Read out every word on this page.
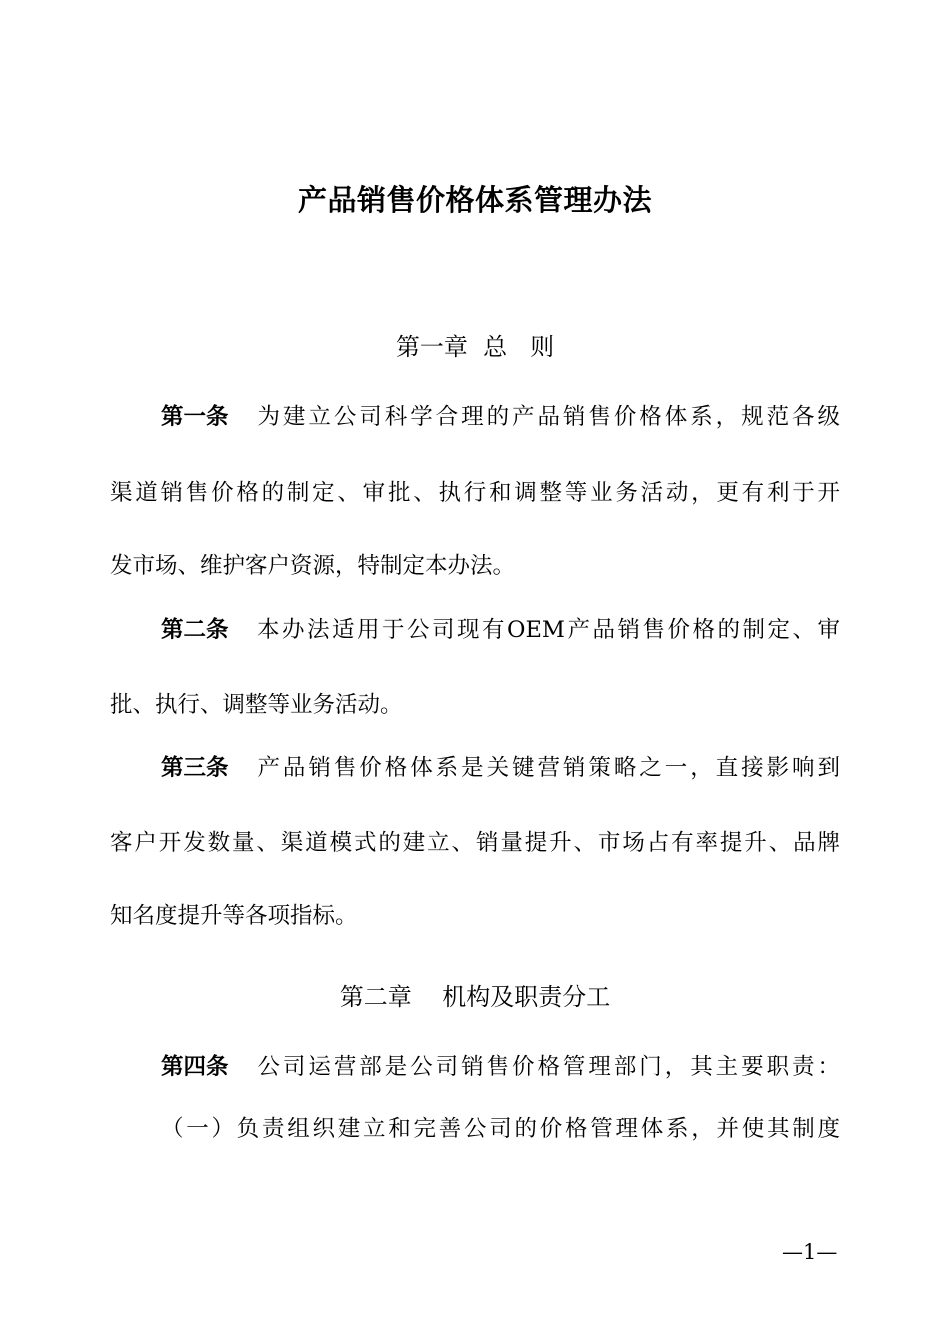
产品销售价格体系管理办法
第一章  总   则
第一条 为建立公司科学合理的产品销售价格体系，规范各级
渠道销售价格的制定、审批、执行和调整等业务活动，更有利于开
发市场、维护客户资源，特制定本办法。
第二条 本办法适用于公司现有OEM产品销售价格的制定、审
批、执行、调整等业务活动。
第三条 产品销售价格体系是关键营销策略之一，直接影响到
客户开发数量、渠道模式的建立、销量提升、市场占有率提升、品牌
知名度提升等各项指标。
第二章    机构及职责分工
第四条 公司运营部是公司销售价格管理部门，其主要职责：
（一）负责组织建立和完善公司的价格管理体系，并使其制度
—1—
